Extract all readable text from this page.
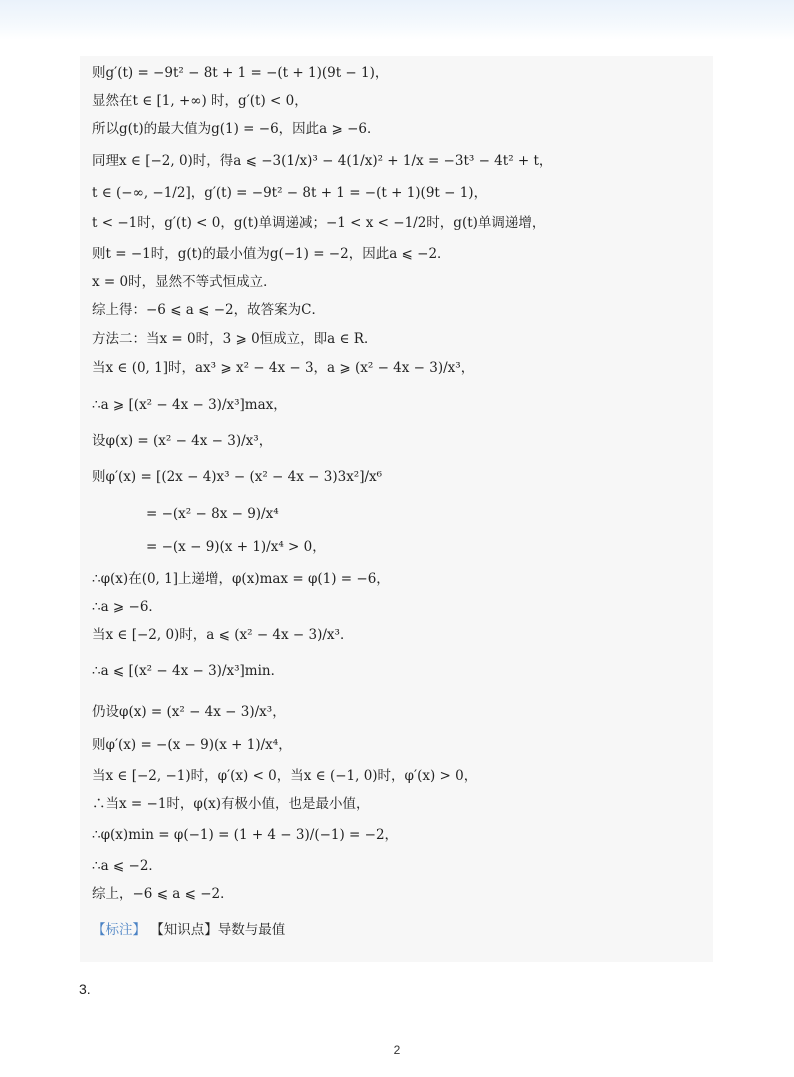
则g′(t) = −9t² − 8t + 1 = −(t + 1)(9t − 1)，
显然在t ∈ [1, +∞) 时，g′(t) < 0，
所以g(t)的最大值为g(1) = −6，因此a ⩾ −6．
同理x ∈ [−2, 0)时，得a ⩽ −3(1/x)³ − 4(1/x)² + 1/x = −3t³ − 4t² + t，
t ∈ (−∞, −1/2]，g′(t) = −9t² − 8t + 1 = −(t + 1)(9t − 1)，
t < −1时，g′(t) < 0，g(t)单调递减；−1 < x < −1/2时，g(t)单调递增，
则t = −1时，g(t)的最小值为g(−1) = −2，因此a ⩽ −2．
x = 0时，显然不等式恒成立．
综上得：−6 ⩽ a ⩽ −2，故答案为C．
方法二：当x = 0时，3 ⩾ 0恒成立，即a ∈ R．
当x ∈ (0, 1]时，ax³ ⩾ x² − 4x − 3，a ⩾ (x² − 4x − 3)/x³，
∴a ⩾ [(x² − 4x − 3)/x³]max，
设φ(x) = (x² − 4x − 3)/x³，
则φ′(x) = [(2x − 4)x³ − (x² − 4x − 3)3x²]/x⁶
= −(x² − 8x − 9)/x⁴
= −(x − 9)(x + 1)/x⁴ > 0，
∴φ(x)在(0, 1]上递增，φ(x)max = φ(1) = −6，
∴a ⩾ −6．
当x ∈ [−2, 0)时，a ⩽ (x² − 4x − 3)/x³．
∴a ⩽ [(x² − 4x − 3)/x³]min．
仍设φ(x) = (x² − 4x − 3)/x³，
则φ′(x) = −(x − 9)(x + 1)/x⁴，
当x ∈ [−2, −1)时，φ′(x) < 0，当x ∈ (−1, 0)时，φ′(x) > 0，
∴当x = −1时，φ(x)有极小值，也是最小值，
∴φ(x)min = φ(−1) = (1 + 4 − 3)/(−1) = −2，
∴a ⩽ −2．
综上，−6 ⩽ a ⩽ −2．
【标注】 【知识点】导数与最值
3.
2
